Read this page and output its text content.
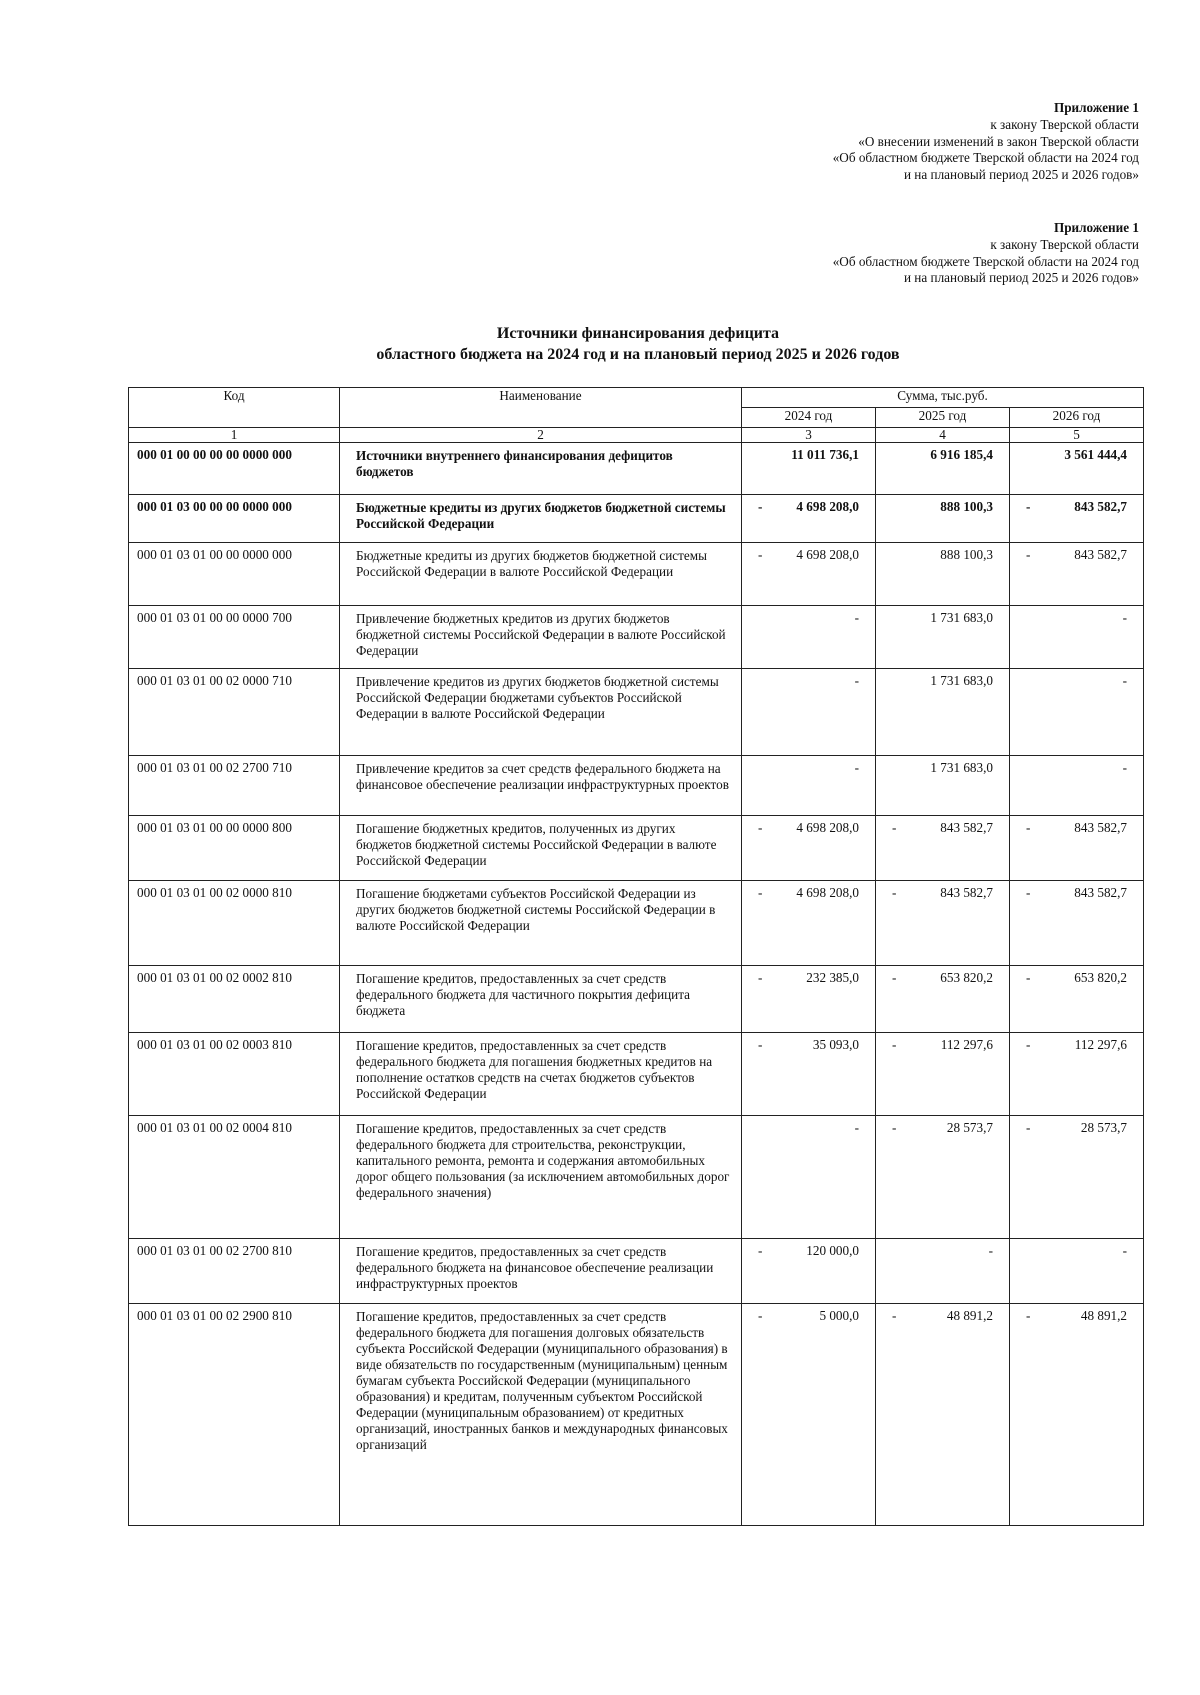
Приложение 1
к закону Тверской области
«О внесении изменений в закон Тверской области
«Об областном бюджете Тверской области на 2024 год
и на плановый период 2025 и 2026 годов»
Приложение 1
к закону Тверской области
«Об областном бюджете Тверской области на 2024 год
и на плановый период 2025 и 2026 годов»
Источники финансирования дефицита
областного бюджета на 2024 год и на плановый период 2025 и 2026 годов
Код	Наименование	Сумма, тыс.руб.		
		2024 год	2025 год	2026 год
1	2	3	4	5
000 01 00 00 00 00 0000 000	Источники внутреннего финансирования дефицитов бюджетов	11 011 736,1	6 916 185,4	3 561 444,4
000 01 03 00 00 00 0000 000	Бюджетные кредиты из других бюджетов бюджетной системы Российской Федерации	- 4 698 208,0	888 100,3	- 843 582,7
000 01 03 01 00 00 0000 000	Бюджетные кредиты из других бюджетов бюджетной системы Российской Федерации в валюте Российской Федерации	- 4 698 208,0	888 100,3	- 843 582,7
000 01 03 01 00 00 0000 700	Привлечение бюджетных кредитов из других бюджетов бюджетной системы Российской Федерации в валюте Российской Федерации	-	1 731 683,0	-
000 01 03 01 00 02 0000 710	Привлечение кредитов из других бюджетов бюджетной системы Российской Федерации бюджетами субъектов Российской Федерации в валюте Российской Федерации	-	1 731 683,0	-
000 01 03 01 00 02 2700 710	Привлечение кредитов за счет средств федерального бюджета на финансовое обеспечение реализации инфраструктурных проектов	-	1 731 683,0	-
000 01 03 01 00 00 0000 800	Погашение бюджетных кредитов, полученных из других бюджетов бюджетной системы Российской Федерации в валюте Российской Федерации	- 4 698 208,0	- 843 582,7	- 843 582,7
000 01 03 01 00 02 0000 810	Погашение бюджетами субъектов Российской Федерации из других бюджетов бюджетной системы Российской Федерации в валюте Российской Федерации	- 4 698 208,0	- 843 582,7	- 843 582,7
000 01 03 01 00 02 0002 810	Погашение кредитов, предоставленных за счет средств федерального бюджета для частичного покрытия дефицита бюджета	- 232 385,0	- 653 820,2	- 653 820,2
000 01 03 01 00 02 0003 810	Погашение кредитов, предоставленных за счет средств федерального бюджета для погашения бюджетных кредитов на пополнение остатков средств на счетах бюджетов субъектов Российской Федерации	- 35 093,0	- 112 297,6	- 112 297,6
000 01 03 01 00 02 0004 810	Погашение кредитов, предоставленных за счет средств федерального бюджета для строительства, реконструкции, капитального ремонта, ремонта и содержания автомобильных дорог общего пользования (за исключением автомобильных дорог федерального значения)	-	- 28 573,7	- 28 573,7
000 01 03 01 00 02 2700 810	Погашение кредитов, предоставленных за счет средств федерального бюджета на финансовое обеспечение реализации инфраструктурных проектов	- 120 000,0	-	-
000 01 03 01 00 02 2900 810	Погашение кредитов, предоставленных за счет средств федерального бюджета для погашения долговых обязательств субъекта Российской Федерации (муниципального образования) в виде обязательств по государственным (муниципальным) ценным бумагам субъекта Российской Федерации (муниципального образования) и кредитам, полученным субъектом Российской Федерации (муниципальным образованием) от кредитных организаций, иностранных банков и международных финансовых организаций	- 5 000,0	- 48 891,2	- 48 891,2
